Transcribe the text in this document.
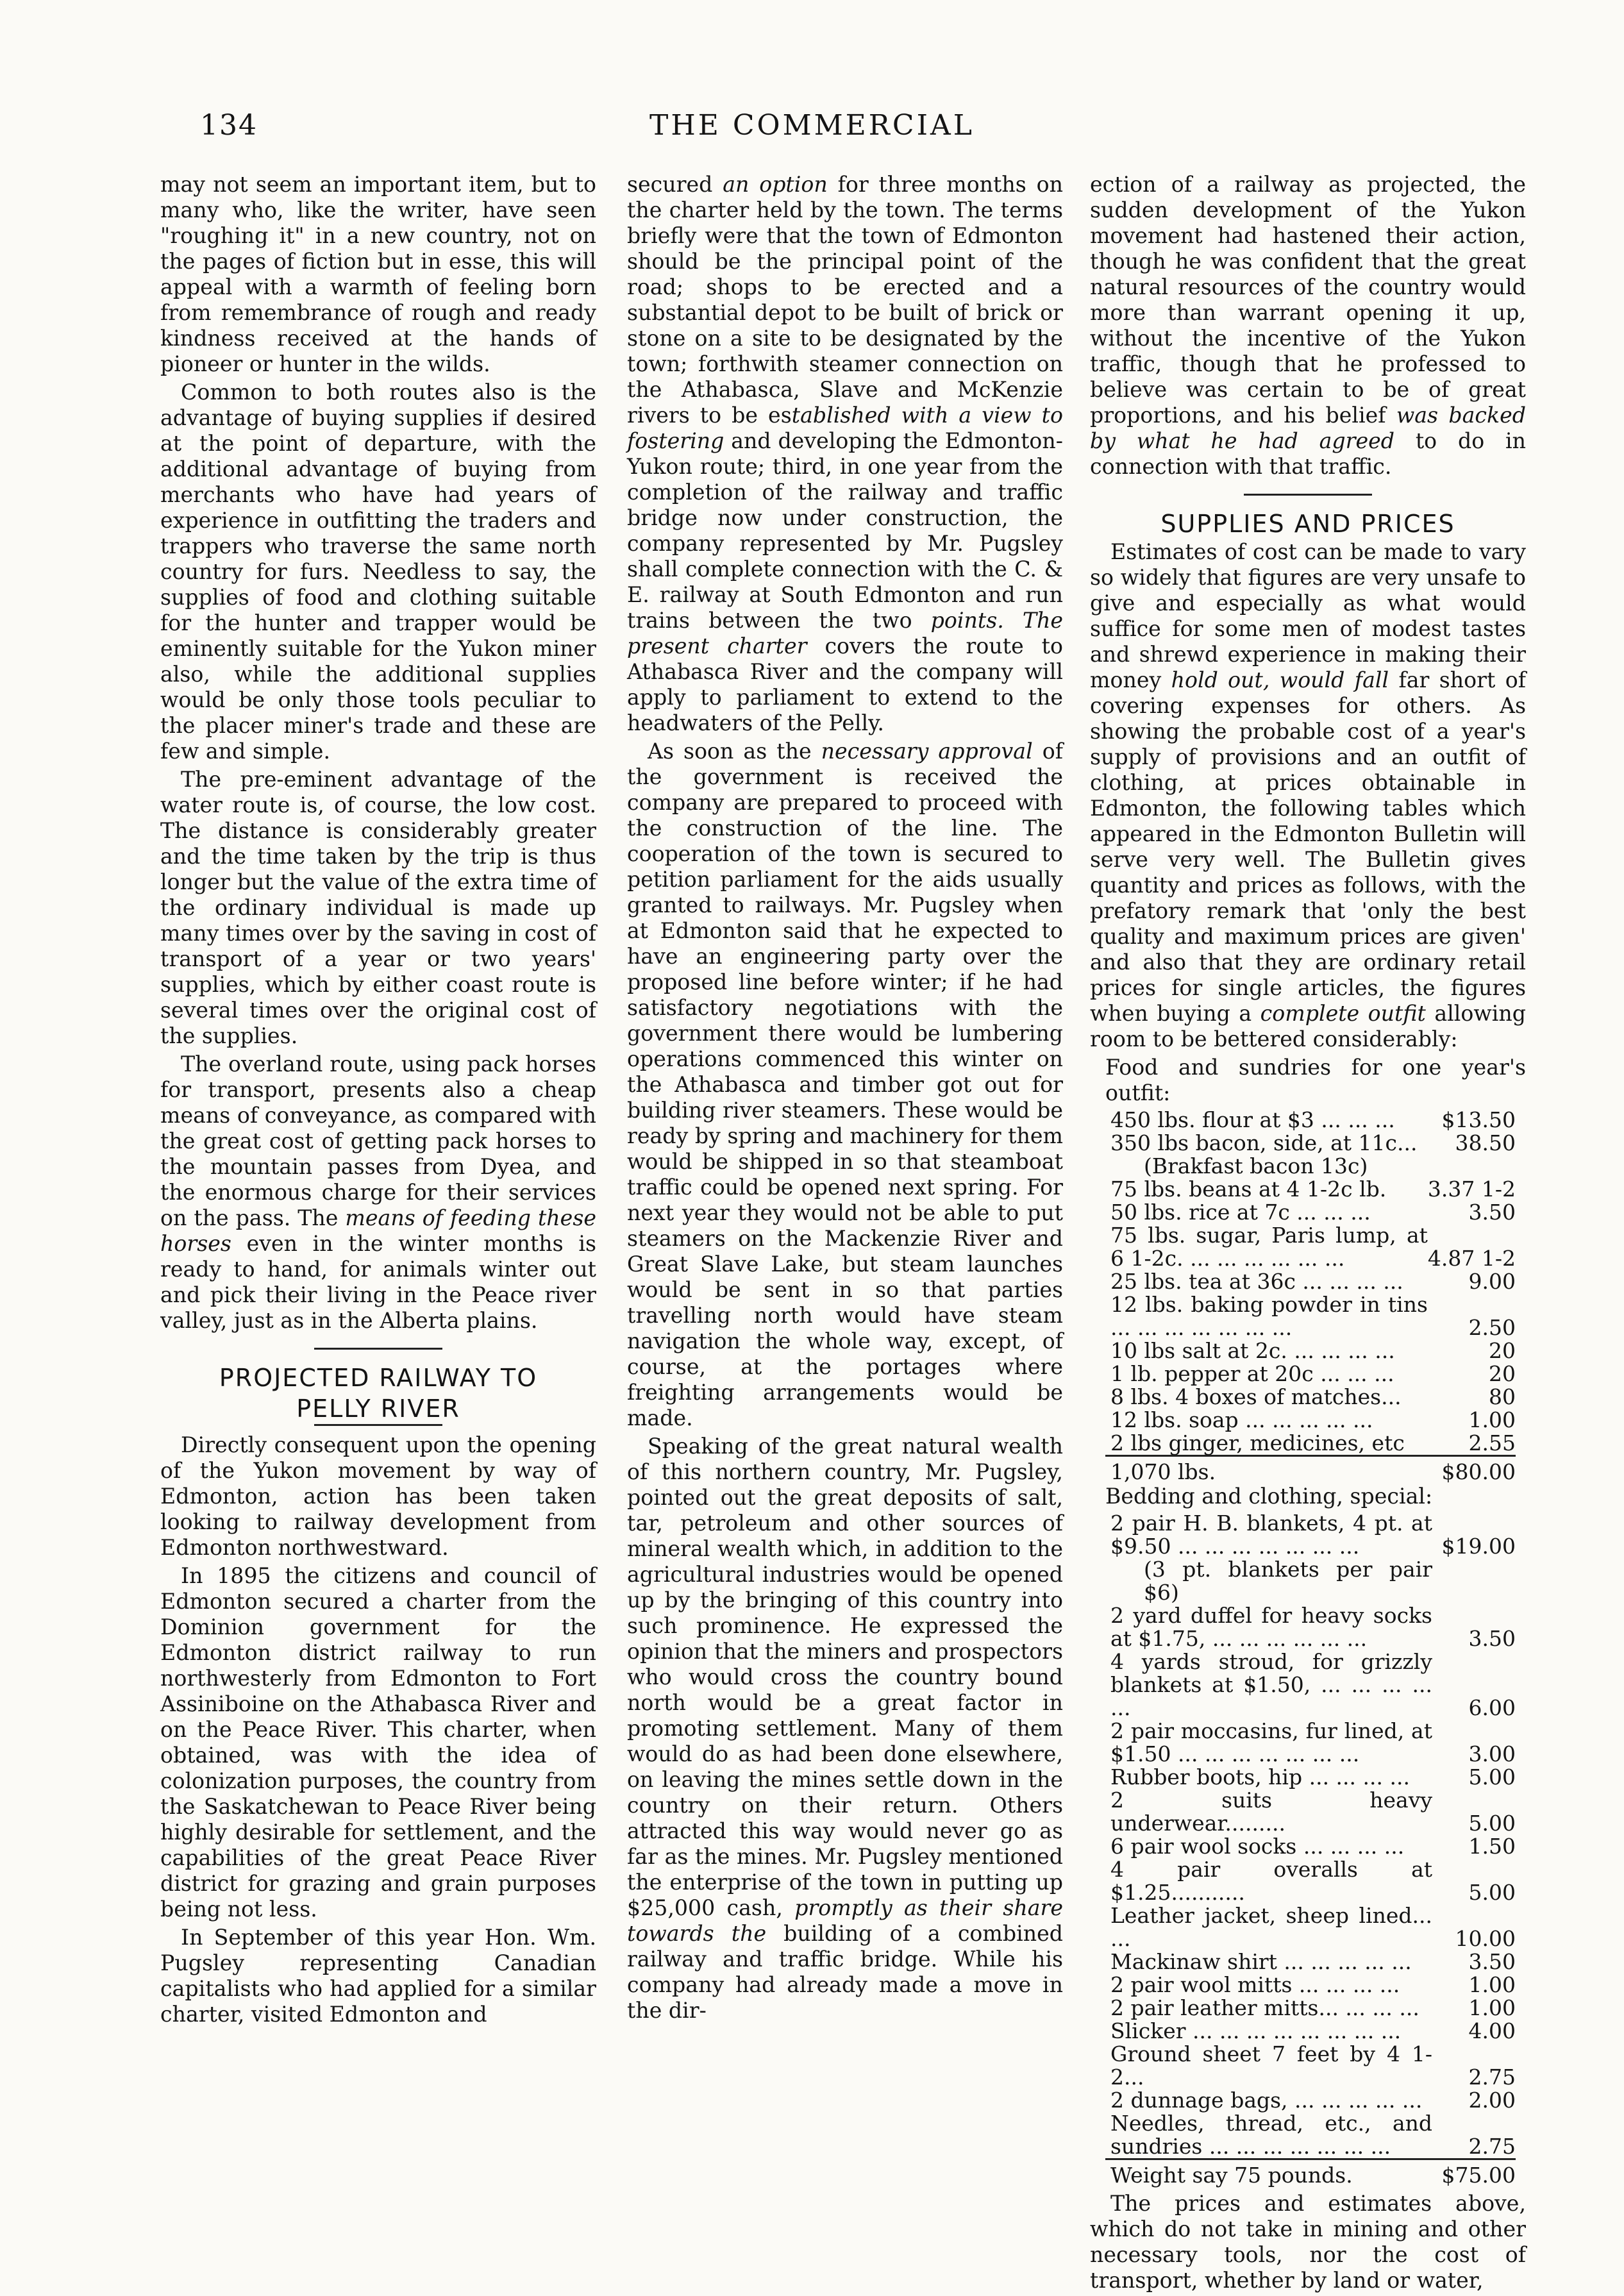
134	THE COMMERCIAL

may not seem an important item, but to many who, like the writer, have seen "roughing it" in a new country, not on the pages of fiction but in esse, this will appeal with a warmth of feeling born from remembrance of rough and ready kindness received at the hands of pioneer or hunter in the wilds.

Common to both routes also is the advantage of buying supplies if desired at the point of departure, with the additional advantage of buying from merchants who have had years of experience in outfitting the traders and trappers who traverse the same north country for furs. Needless to say, the supplies of food and clothing suitable for the hunter and trapper would be eminently suitable for the Yukon miner also, while the additional supplies would be only those tools peculiar to the placer miner's trade and these are few and simple.

The pre-eminent advantage of the water route is, of course, the low cost. The distance is considerably greater and the time taken by the trip is thus longer but the value of the extra time of the ordinary individual is made up many times over by the saving in cost of transport of a year or two years' supplies, which by either coast route is several times over the original cost of the supplies.

The overland route, using pack horses for transport, presents also a cheap means of conveyance, as compared with the great cost of getting pack horses to the mountain passes from Dyea, and the enormous charge for their services on the pass. The means of feeding these horses even in the winter months is ready to hand, for animals winter out and pick their living in the Peace river valley, just as in the Alberta plains.

PROJECTED RAILWAY TO
PELLY RIVER

Directly consequent upon the opening of the Yukon movement by way of Edmonton, action has been taken looking to railway development from Edmonton northwestward.

In 1895 the citizens and council of Edmonton secured a charter from the Dominion government for the Edmonton district railway to run northwesterly from Edmonton to Fort Assiniboine on the Athabasca River and on the Peace River. This charter, when obtained, was with the idea of colonization purposes, the country from the Saskatchewan to Peace River being highly desirable for settlement, and the capabilities of the great Peace River district for grazing and grain purposes being not less.

In September of this year Hon. Wm. Pugsley representing Canadian capitalists who had applied for a similar charter, visited Edmonton and

secured an option for three months on the charter held by the town. The terms briefly were that the town of Edmonton should be the principal point of the road; shops to be erected and a substantial depot to be built of brick or stone on a site to be designated by the town; forthwith steamer connection on the Athabasca, Slave and McKenzie rivers to be established with a view to fostering and developing the Edmonton-Yukon route; third, in one year from the completion of the railway and traffic bridge now under construction, the company represented by Mr. Pugsley shall complete connection with the C. & E. railway at South Edmonton and run trains between the two points. The present charter covers the route to Athabasca River and the company will apply to parliament to extend to the headwaters of the Pelly.

As soon as the necessary approval of the government is received the company are prepared to proceed with the construction of the line. The cooperation of the town is secured to petition parliament for the aids usually granted to railways. Mr. Pugsley when at Edmonton said that he expected to have an engineering party over the proposed line before winter; if he had satisfactory negotiations with the government there would be lumbering operations commenced this winter on the Athabasca and timber got out for building river steamers. These would be ready by spring and machinery for them would be shipped in so that steamboat traffic could be opened next spring. For next year they would not be able to put steamers on the Mackenzie River and Great Slave Lake, but steam launches would be sent in so that parties travelling north would have steam navigation the whole way, except, of course, at the portages where freighting arrangements would be made.

Speaking of the great natural wealth of this northern country, Mr. Pugsley, pointed out the great deposits of salt, tar, petroleum and other sources of mineral wealth which, in addition to the agricultural industries would be opened up by the bringing of this country into such prominence. He expressed the opinion that the miners and prospectors who would cross the country bound north would be a great factor in promoting settlement. Many of them would do as had been done elsewhere, on leaving the mines settle down in the country on their return. Others attracted this way would never go as far as the mines. Mr. Pugsley mentioned the enterprise of the town in putting up $25,000 cash, promptly as their share towards the building of a combined railway and traffic bridge. While his company had already made a move in the dir-

ection of a railway as projected, the sudden development of the Yukon movement had hastened their action, though he was confident that the great natural resources of the country would more than warrant opening it up, without the incentive of the Yukon traffic, though that he professed to believe was certain to be of great proportions, and his belief was backed by what he had agreed to do in connection with that traffic.

SUPPLIES AND PRICES

Estimates of cost can be made to vary so widely that figures are very unsafe to give and especially as what would suffice for some men of modest tastes and shrewd experience in making their money hold out, would fall far short of covering expenses for others. As showing the probable cost of a year's supply of provisions and an outfit of clothing, at prices obtainable in Edmonton, the following tables which appeared in the Edmonton Bulletin will serve very well. The Bulletin gives quantity and prices as follows, with the prefatory remark that 'only the best quality and maximum prices are given' and also that they are ordinary retail prices for single articles, the figures when buying a complete outfit allowing room to be bettered considerably:

Food and sundries for one year's outfit:

450 lbs. flour at $3 ... ... ...	$13.50
350 lbs bacon, side, at 11c...	38.50
(Brakfast bacon 13c)	
75 lbs. beans at 4 1-2c lb.	3.37 1-2
50 lbs. rice at 7c ... ... ...	3.50
75 lbs. sugar, Paris lump, at 6 1-2c. ... ... ... ... ... ...	4.87 1-2
25 lbs. tea at 36c ... ... ... ...	9.00
12 lbs. baking powder in tins ... ... ... ... ... ... ...	2.50
10 lbs salt at 2c. ... ... ... ...	20
1 lb. pepper at 20c ... ... ...	20
8 lbs. 4 boxes of matches...	80
12 lbs. soap ... ... ... ... ...	1.00
2 lbs ginger, medicines, etc	2.55
1,070 lbs.	$80.00

Bedding and clothing, special:

2 pair H. B. blankets, 4 pt. at $9.50 ... ... ... ... ... ... ...	$19.00
(3 pt. blankets per pair $6)	
2 yard duffel for heavy socks at $1.75, ... ... ... ... ... ...	3.50
4 yards stroud, for grizzly blankets at $1.50, ... ... ... ... ...	6.00
2 pair moccasins, fur lined, at $1.50 ... ... ... ... ... ... ...	3.00
Rubber boots, hip ... ... ... ...	5.00
2 suits heavy underwear.........	5.00
6 pair wool socks ... ... ... ...	1.50
4 pair overalls at $1.25...........	5.00
Leather jacket, sheep lined... ...	10.00
Mackinaw shirt ... ... ... ... ...	3.50
2 pair wool mitts ... ... ... ...	1.00
2 pair leather mitts... ... ... ...	1.00
Slicker ... ... ... ... ... ... ... ...	4.00
Ground sheet 7 feet by 4 1-2...	2.75
2 dunnage bags, ... ... ... ... ...	2.00
Needles, thread, etc., and sundries ... ... ... ... ... ... ...	2.75
Weight say 75 pounds.	$75.00

The prices and estimates above, which do not take in mining and other necessary tools, nor the cost of transport, whether by land or water,
